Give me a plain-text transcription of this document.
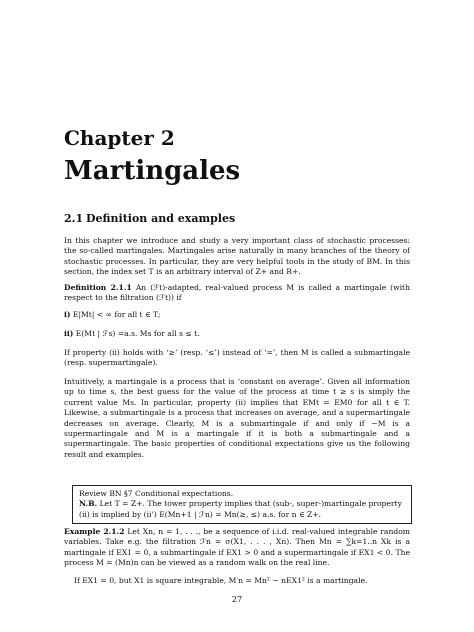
Chapter 2
Martingales
2.1 Definition and examples

In this chapter we introduce and study a very important class of stochastic processes: the so-called martingales. Martingales arise naturally in many branches of the theory of stochastic processes. In particular, they are very helpful tools in the study of BM. In this section, the index set T is an arbitrary interval of Z+ and R+.

Definition 2.1.1 An (ℱt)-adapted, real-valued process M is called a martingale (with respect to the filtration (ℱt)) if

i) E|Mt| < ∞ for all t ∈ T;

ii) E(Mt | ℱs) =a.s. Ms for all s ≤ t.

If property (ii) holds with ‘≥’ (resp. ‘≤’) instead of ‘=’, then M is called a submartingale (resp. supermartingale).

Intuitively, a martingale is a process that is ‘constant on average’. Given all information up to time s, the best guess for the value of the process at time t ≥ s is simply the current value Ms. In particular, property (ii) implies that EMt = EM0 for all t ∈ T. Likewise, a submartingale is a process that increases on average, and a supermartingale decreases on average. Clearly, M is a submartingale if and only if −M is a supermartingale and M is a martingale if it is both a submartingale and a supermartingale. The basic properties of conditional expectations give us the following result and examples.

Review BN §7 Conditional expectations.
N.B. Let T = Z+. The tower property implies that (sub-, super-)martingale property
(ii) is implied by (ii’) E(Mn+1 | ℱn) = Mn(≥, ≤) a.s. for n ∈ Z+.

Example 2.1.2 Let Xn, n = 1, . . ., be a sequence of i.i.d. real-valued integrable random variables. Take e.g. the filtration ℱn = σ(X1, . . . , Xn). Then Mn = ∑k=1..n Xk is a martingale if EX1 = 0, a submartingale if EX1 > 0 and a supermartingale if EX1 < 0. The process M = (Mn)n can be viewed as a random walk on the real line.

If EX1 = 0, but X1 is square integrable, M′n = Mn² − nEX1² is a martingale.

27
